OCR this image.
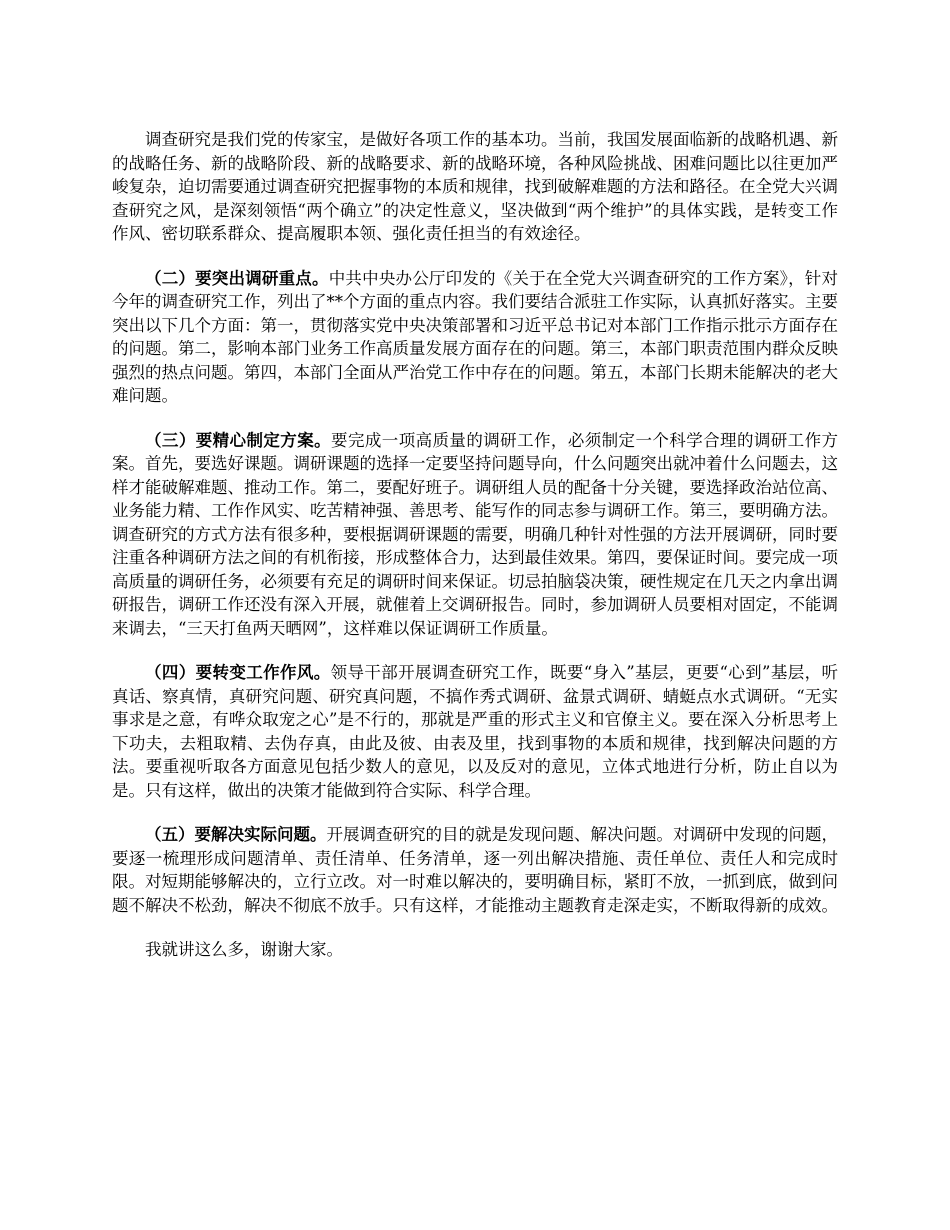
调查研究是我们党的传家宝，是做好各项工作的基本功。当前，我国发展面临新的战略机遇、新的战略任务、新的战略阶段、新的战略要求、新的战略环境，各种风险挑战、困难问题比以往更加严峻复杂，迫切需要通过调查研究把握事物的本质和规律，找到破解难题的方法和路径。在全党大兴调查研究之风，是深刻领悟“两个确立”的决定性意义，坚决做到“两个维护”的具体实践，是转变工作作风、密切联系群众、提高履职本领、强化责任担当的有效途径。

（二）要突出调研重点。中共中央办公厅印发的《关于在全党大兴调查研究的工作方案》，针对今年的调查研究工作，列出了**个方面的重点内容。我们要结合派驻工作实际，认真抓好落实。主要突出以下几个方面：第一，贯彻落实党中央决策部署和习近平总书记对本部门工作指示批示方面存在的问题。第二，影响本部门业务工作高质量发展方面存在的问题。第三，本部门职责范围内群众反映强烈的热点问题。第四，本部门全面从严治党工作中存在的问题。第五，本部门长期未能解决的老大难问题。

（三）要精心制定方案。要完成一项高质量的调研工作，必须制定一个科学合理的调研工作方案。首先，要选好课题。调研课题的选择一定要坚持问题导向，什么问题突出就冲着什么问题去，这样才能破解难题、推动工作。第二，要配好班子。调研组人员的配备十分关键，要选择政治站位高、业务能力精、工作作风实、吃苦精神强、善思考、能写作的同志参与调研工作。第三，要明确方法。调查研究的方式方法有很多种，要根据调研课题的需要，明确几种针对性强的方法开展调研，同时要注重各种调研方法之间的有机衔接，形成整体合力，达到最佳效果。第四，要保证时间。要完成一项高质量的调研任务，必须要有充足的调研时间来保证。切忌拍脑袋决策，硬性规定在几天之内拿出调研报告，调研工作还没有深入开展，就催着上交调研报告。同时，参加调研人员要相对固定，不能调来调去，“三天打鱼两天晒网”，这样难以保证调研工作质量。

（四）要转变工作作风。领导干部开展调查研究工作，既要“身入”基层，更要“心到”基层，听真话、察真情，真研究问题、研究真问题，不搞作秀式调研、盆景式调研、蜻蜓点水式调研。“无实事求是之意，有哗众取宠之心”是不行的，那就是严重的形式主义和官僚主义。要在深入分析思考上下功夫，去粗取精、去伪存真，由此及彼、由表及里，找到事物的本质和规律，找到解决问题的方法。要重视听取各方面意见包括少数人的意见，以及反对的意见，立体式地进行分析，防止自以为是。只有这样，做出的决策才能做到符合实际、科学合理。

（五）要解决实际问题。开展调查研究的目的就是发现问题、解决问题。对调研中发现的问题，要逐一梳理形成问题清单、责任清单、任务清单，逐一列出解决措施、责任单位、责任人和完成时限。对短期能够解决的，立行立改。对一时难以解决的，要明确目标，紧盯不放，一抓到底，做到问题不解决不松劲，解决不彻底不放手。只有这样，才能推动主题教育走深走实，不断取得新的成效。

我就讲这么多，谢谢大家。
